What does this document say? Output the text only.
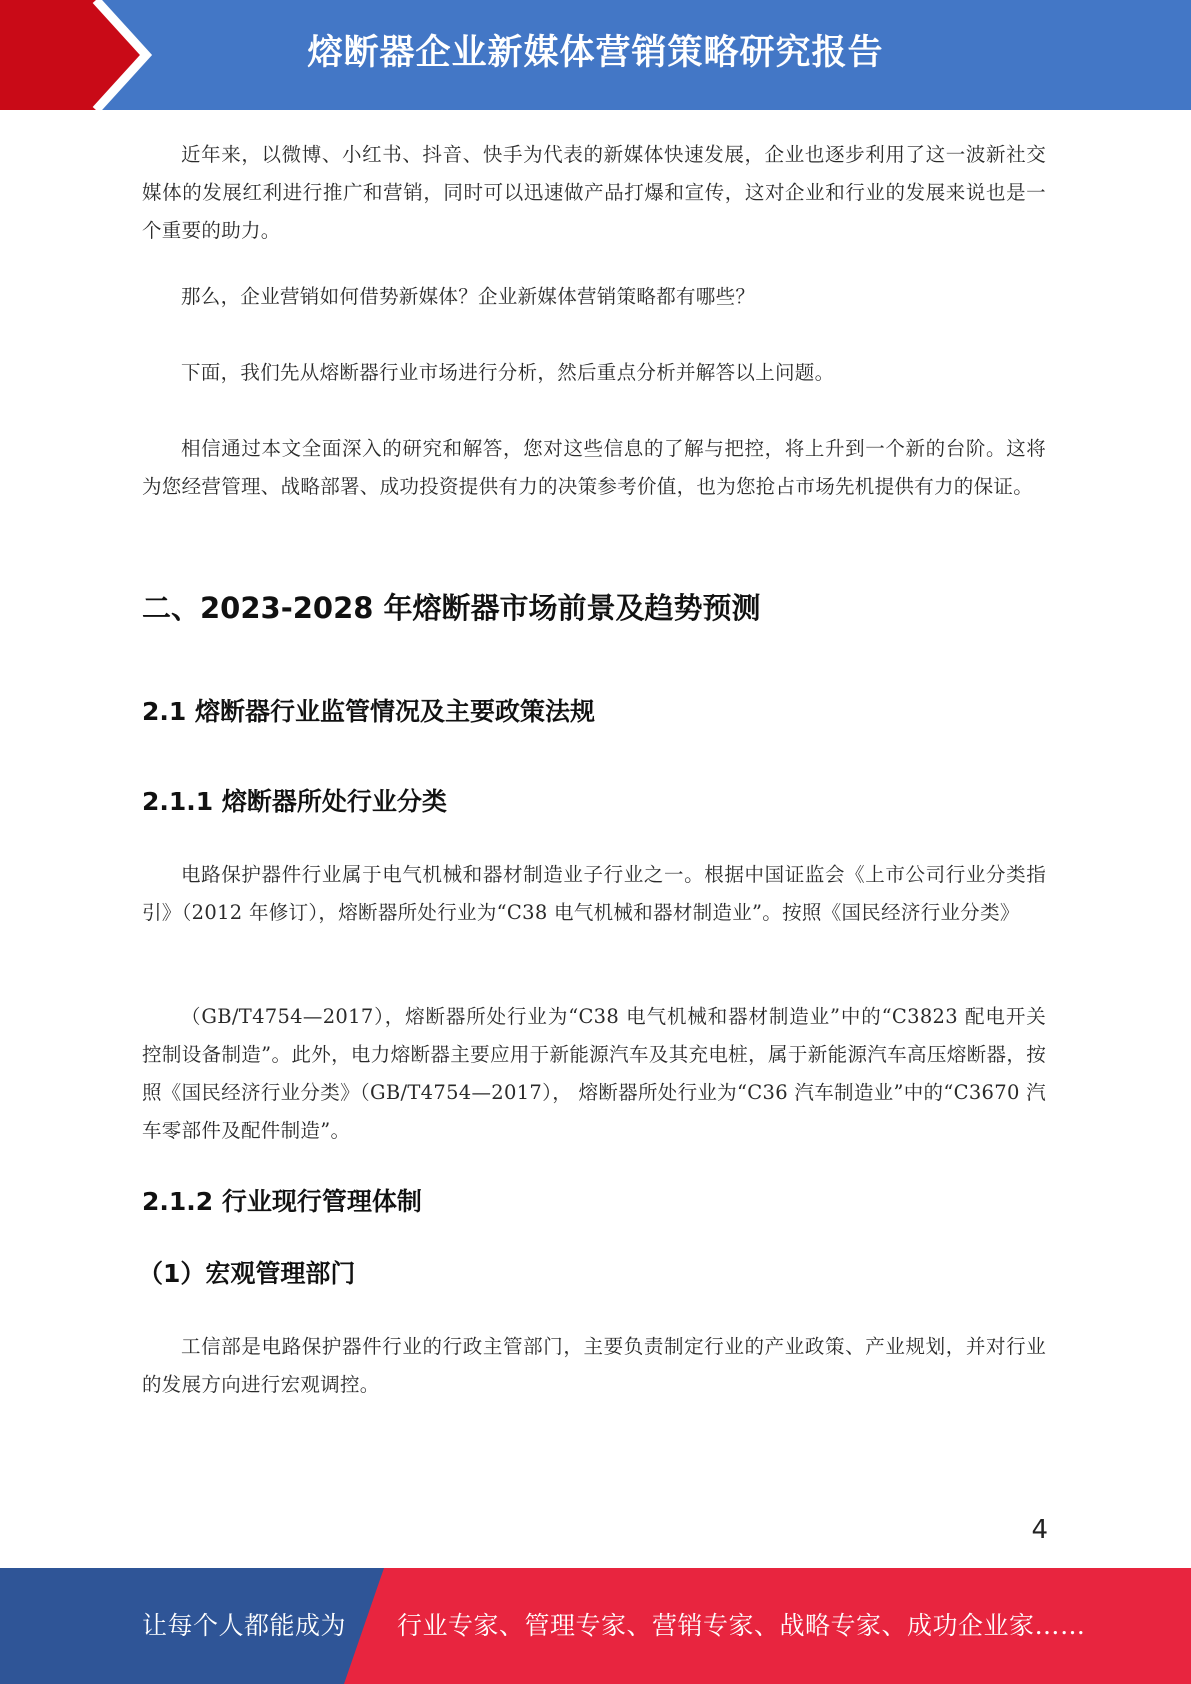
熔断器企业新媒体营销策略研究报告

近年来，以微博、小红书、抖音、快手为代表的新媒体快速发展，企业也逐步利用了这一波新社交媒体的发展红利进行推广和营销，同时可以迅速做产品打爆和宣传，这对企业和行业的发展来说也是一个重要的助力。

那么，企业营销如何借势新媒体？企业新媒体营销策略都有哪些？

下面，我们先从熔断器行业市场进行分析，然后重点分析并解答以上问题。

相信通过本文全面深入的研究和解答，您对这些信息的了解与把控，将上升到一个新的台阶。这将为您经营管理、战略部署、成功投资提供有力的决策参考价值，也为您抢占市场先机提供有力的保证。

二、2023-2028 年熔断器市场前景及趋势预测
2.1 熔断器行业监管情况及主要政策法规
2.1.1 熔断器所处行业分类

电路保护器件行业属于电气机械和器材制造业子行业之一。根据中国证监会《上市公司行业分类指引》（2012 年修订），熔断器所处行业为“C38 电气机械和器材制造业”。按照《国民经济行业分类》

（GB/T4754—2017），熔断器所处行业为“C38 电气机械和器材制造业”中的“C3823 配电开关控制设备制造”。此外，电力熔断器主要应用于新能源汽车及其充电桩，属于新能源汽车高压熔断器，按照《国民经济行业分类》（GB/T4754—2017）， 熔断器所处行业为“C36 汽车制造业”中的“C3670 汽车零部件及配件制造”。

2.1.2 行业现行管理体制
（1）宏观管理部门

工信部是电路保护器件行业的行政主管部门，主要负责制定行业的产业政策、产业规划，并对行业的发展方向进行宏观调控。

4
让每个人都能成为 行业专家、管理专家、营销专家、战略专家、成功企业家……
